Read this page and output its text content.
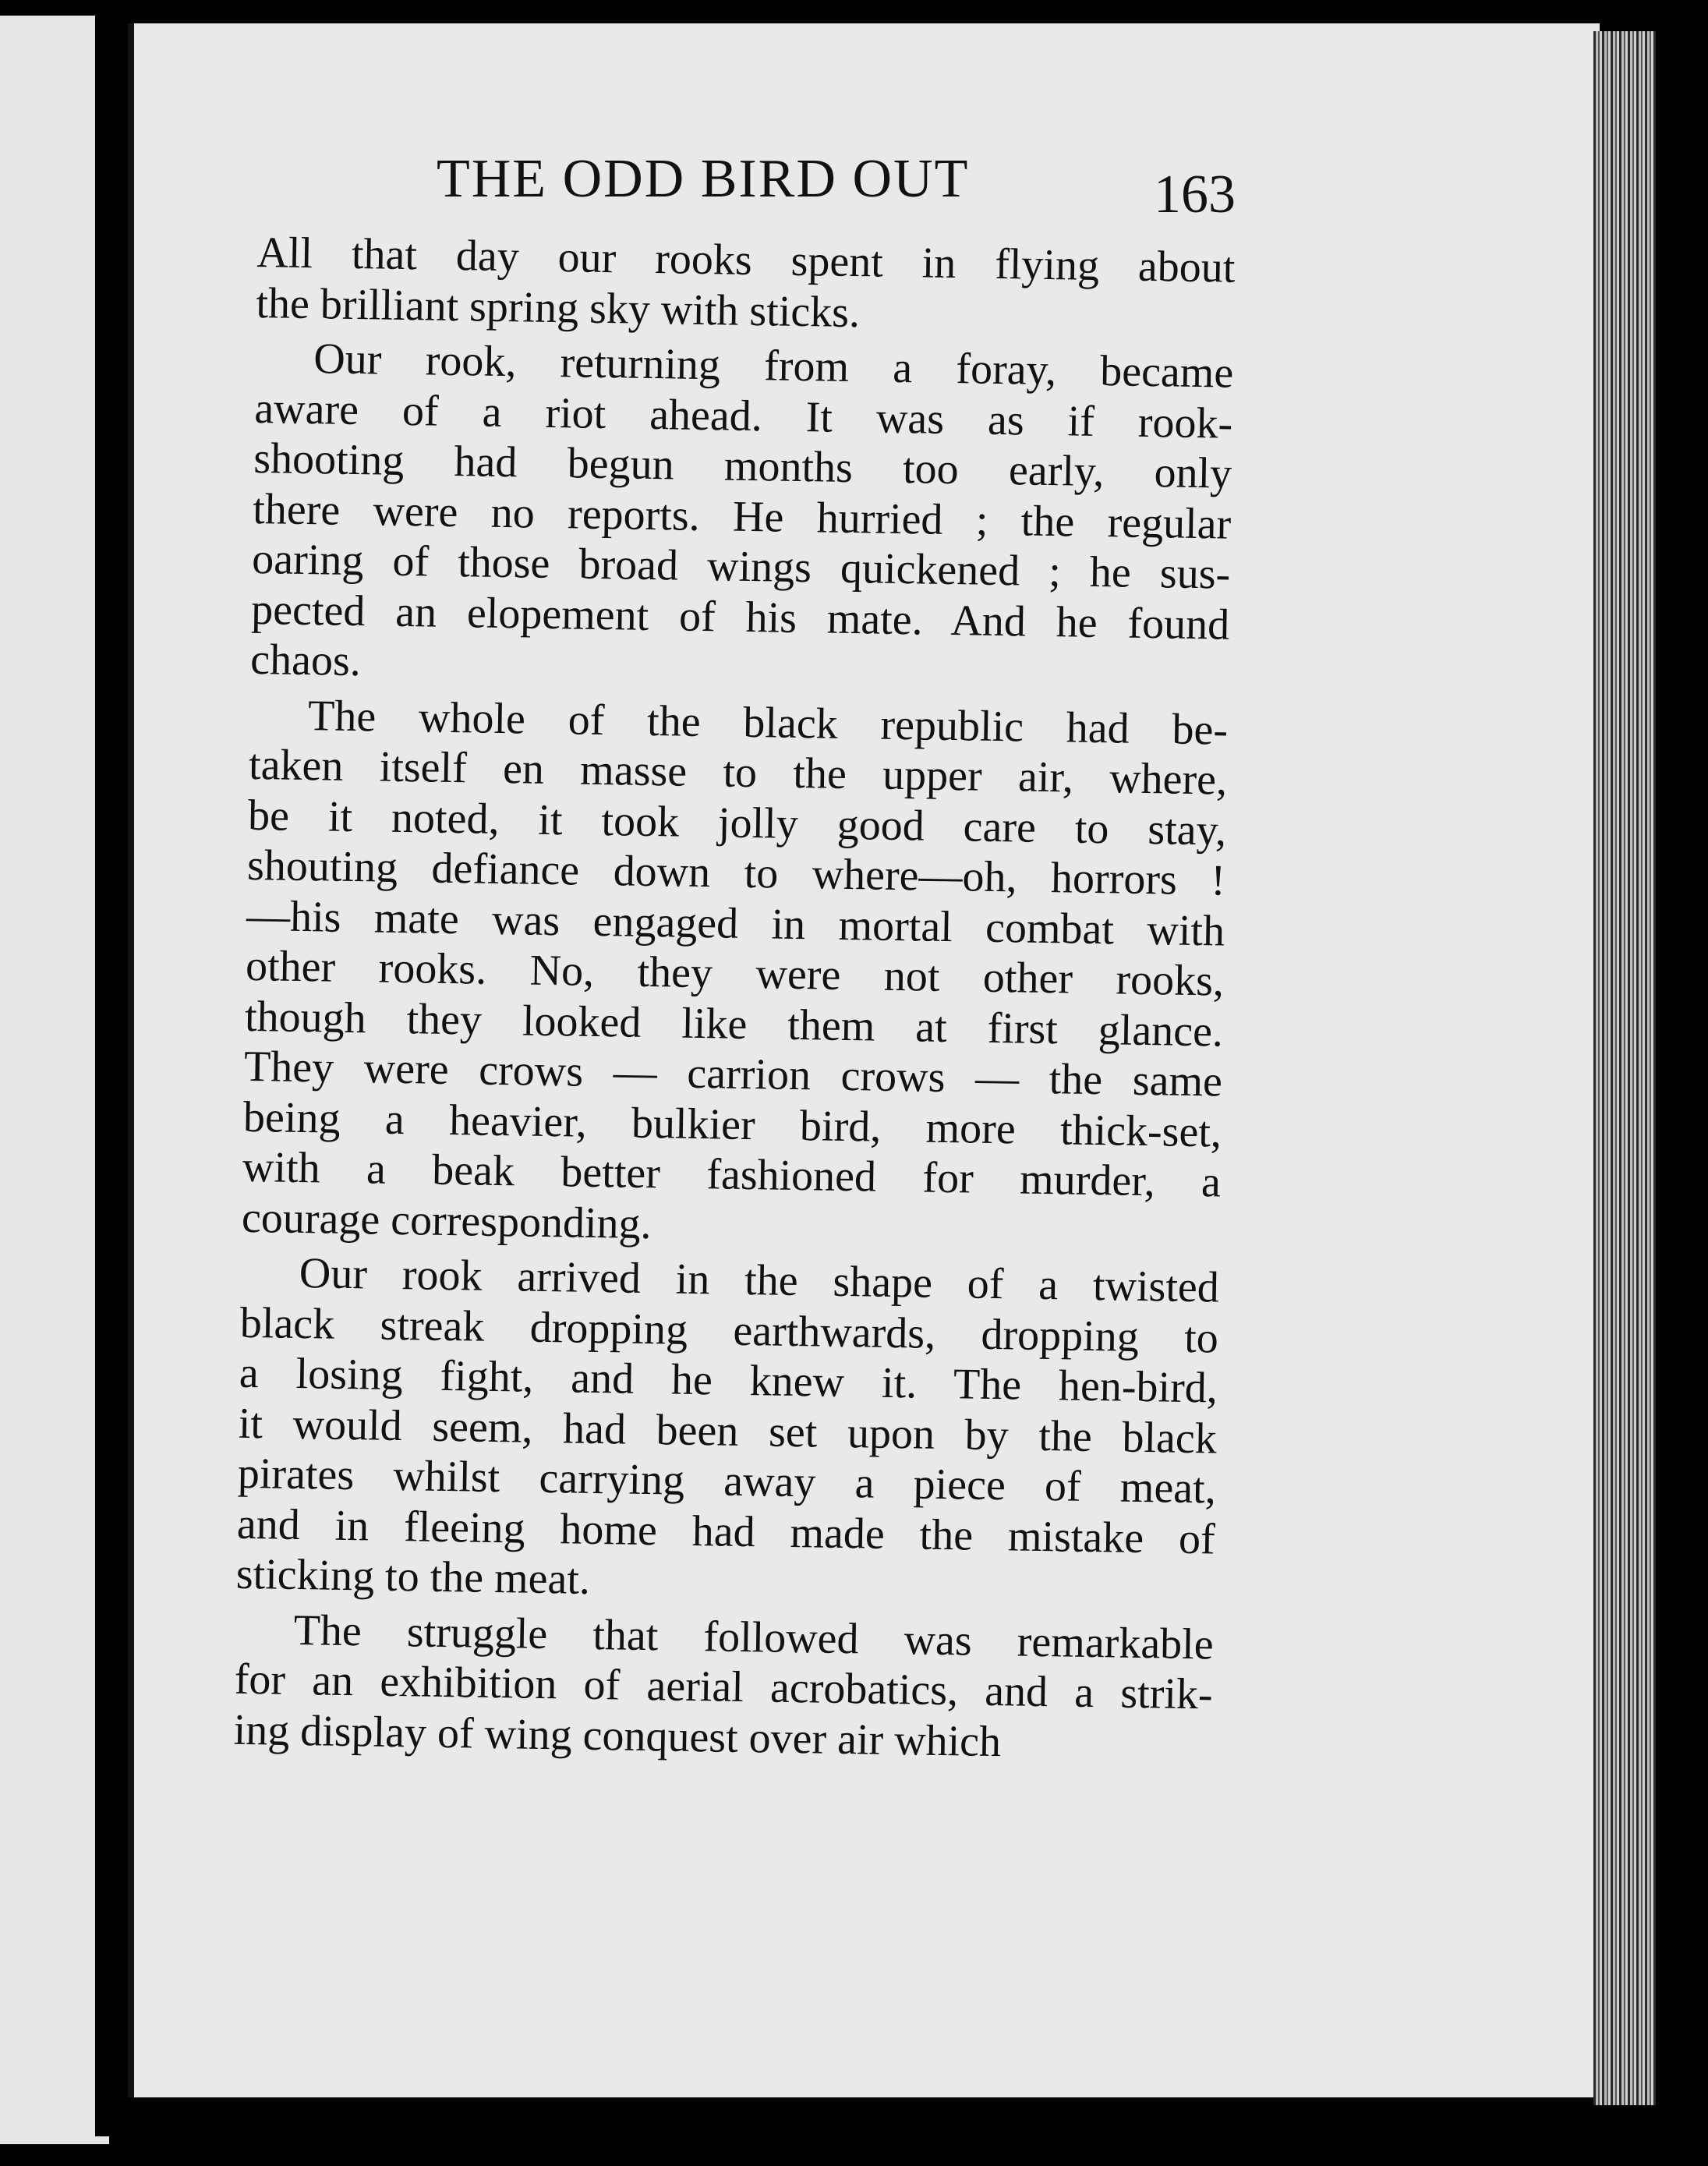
THE ODD BIRD OUT	163
All that day our rooks spent in flying about
the brilliant spring sky with sticks.
Our rook, returning from a foray, became
aware of a riot ahead. It was as if rook-
shooting had begun months too early, only
there were no reports. He hurried ; the regular
oaring of those broad wings quickened ; he sus-
pected an elopement of his mate. And he found
chaos.
The whole of the black republic had be-
taken itself en masse to the upper air, where,
be it noted, it took jolly good care to stay,
shouting defiance down to where—oh, horrors !
—his mate was engaged in mortal combat with
other rooks. No, they were not other rooks,
though they looked like them at first glance.
They were crows — carrion crows — the same
being a heavier, bulkier bird, more thick-set,
with a beak better fashioned for murder, a
courage corresponding.
Our rook arrived in the shape of a twisted
black streak dropping earthwards, dropping to
a losing fight, and he knew it. The hen-bird,
it would seem, had been set upon by the black
pirates whilst carrying away a piece of meat,
and in fleeing home had made the mistake of
sticking to the meat.
The struggle that followed was remarkable
for an exhibition of aerial acrobatics, and a strik-
ing display of wing conquest over air which
